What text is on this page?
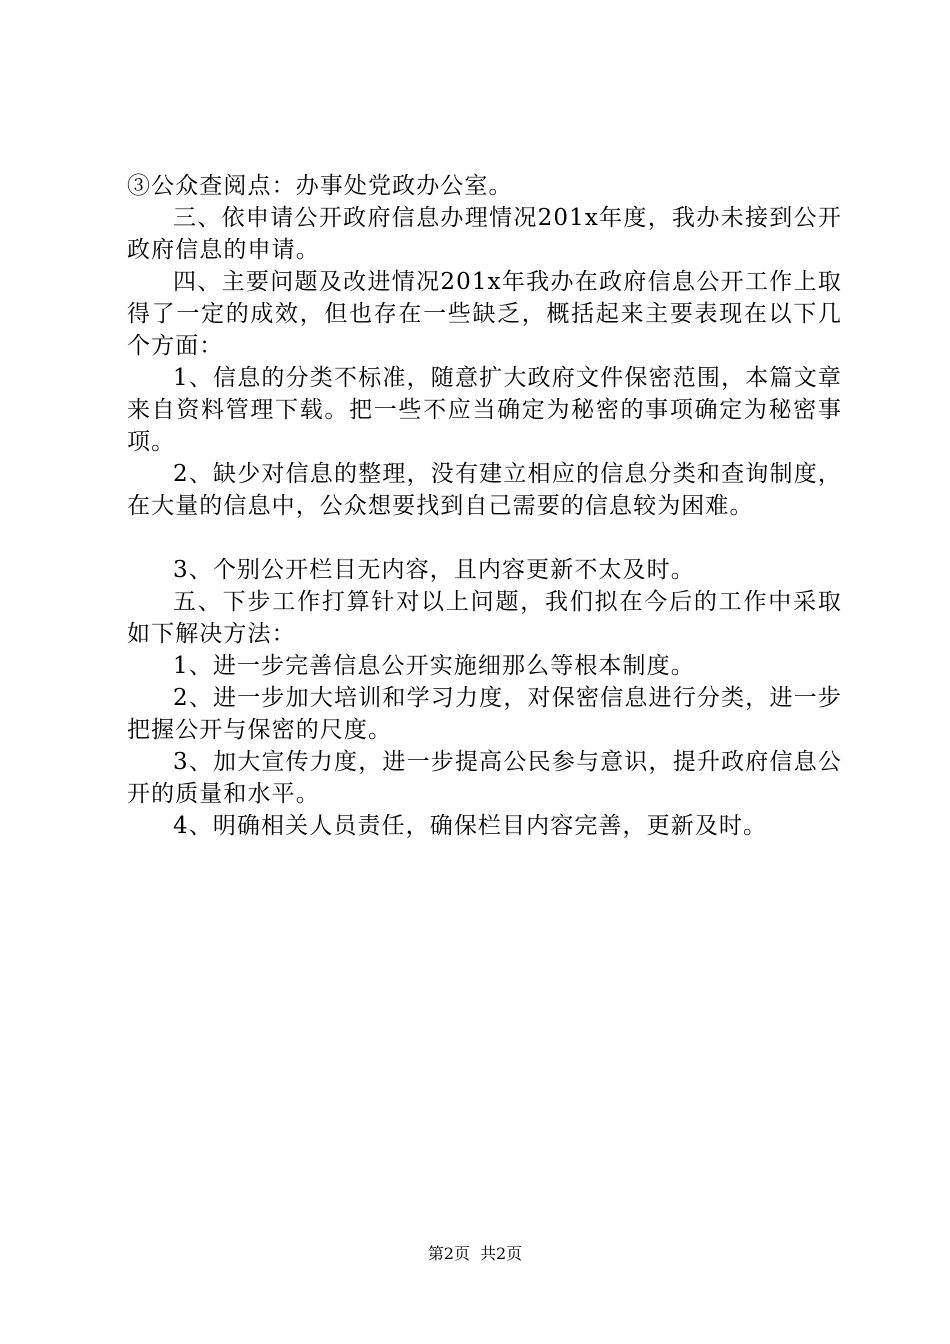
③公众查阅点：办事处党政办公室。

三、依申请公开政府信息办理情况201x年度，我办未接到公开政府信息的申请。

四、主要问题及改进情况201x年我办在政府信息公开工作上取得了一定的成效，但也存在一些缺乏，概括起来主要表现在以下几个方面：

1、信息的分类不标准，随意扩大政府文件保密范围，本篇文章来自资料管理下载。把一些不应当确定为秘密的事项确定为秘密事项。

2、缺少对信息的整理，没有建立相应的信息分类和查询制度，在大量的信息中，公众想要找到自己需要的信息较为困难。

3、个别公开栏目无内容，且内容更新不太及时。

五、下步工作打算针对以上问题，我们拟在今后的工作中采取如下解决方法：

1、进一步完善信息公开实施细那么等根本制度。

2、进一步加大培训和学习力度，对保密信息进行分类，进一步把握公开与保密的尺度。

3、加大宣传力度，进一步提高公民参与意识，提升政府信息公开的质量和水平。

4、明确相关人员责任，确保栏目内容完善，更新及时。

第2页 共2页
